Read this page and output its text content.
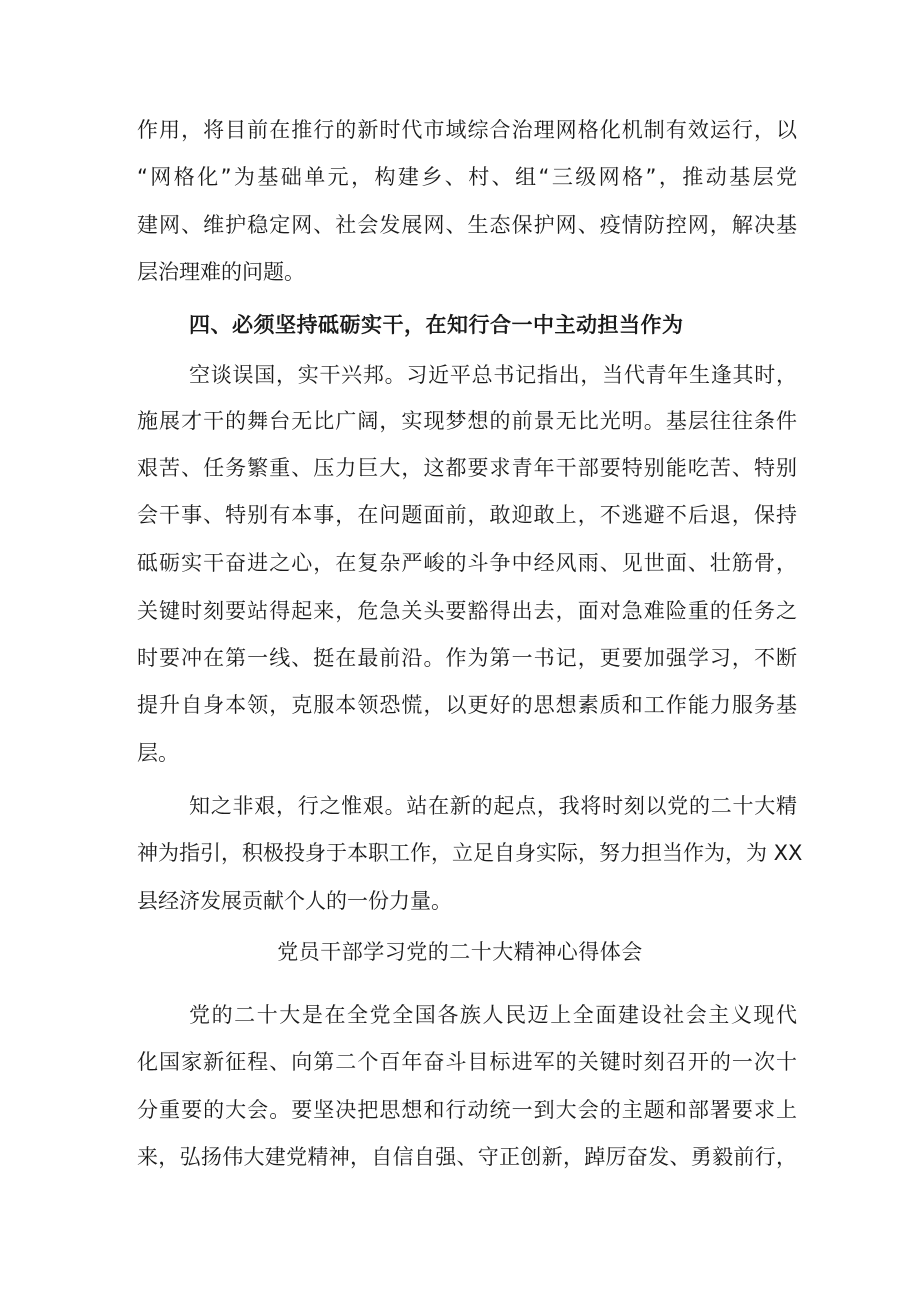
作用，将目前在推行的新时代市域综合治理网格化机制有效运行，以
“网格化”为基础单元，构建乡、村、组“三级网格”，推动基层党
建网、维护稳定网、社会发展网、生态保护网、疫情防控网，解决基
层治理难的问题。
四、必须坚持砥砺实干，在知行合一中主动担当作为
空谈误国，实干兴邦。习近平总书记指出，当代青年生逢其时，
施展才干的舞台无比广阔，实现梦想的前景无比光明。基层往往条件
艰苦、任务繁重、压力巨大，这都要求青年干部要特别能吃苦、特别
会干事、特别有本事，在问题面前，敢迎敢上，不逃避不后退，保持
砥砺实干奋进之心，在复杂严峻的斗争中经风雨、见世面、壮筋骨，
关键时刻要站得起来，危急关头要豁得出去，面对急难险重的任务之
时要冲在第一线、挺在最前沿。作为第一书记，更要加强学习，不断
提升自身本领，克服本领恐慌，以更好的思想素质和工作能力服务基
层。
知之非艰，行之惟艰。站在新的起点，我将时刻以党的二十大精
神为指引，积极投身于本职工作，立足自身实际，努力担当作为，为 XX
县经济发展贡献个人的一份力量。
党员干部学习党的二十大精神心得体会
党的二十大是在全党全国各族人民迈上全面建设社会主义现代
化国家新征程、向第二个百年奋斗目标进军的关键时刻召开的一次十
分重要的大会。要坚决把思想和行动统一到大会的主题和部署要求上
来，弘扬伟大建党精神，自信自强、守正创新，踔厉奋发、勇毅前行，
